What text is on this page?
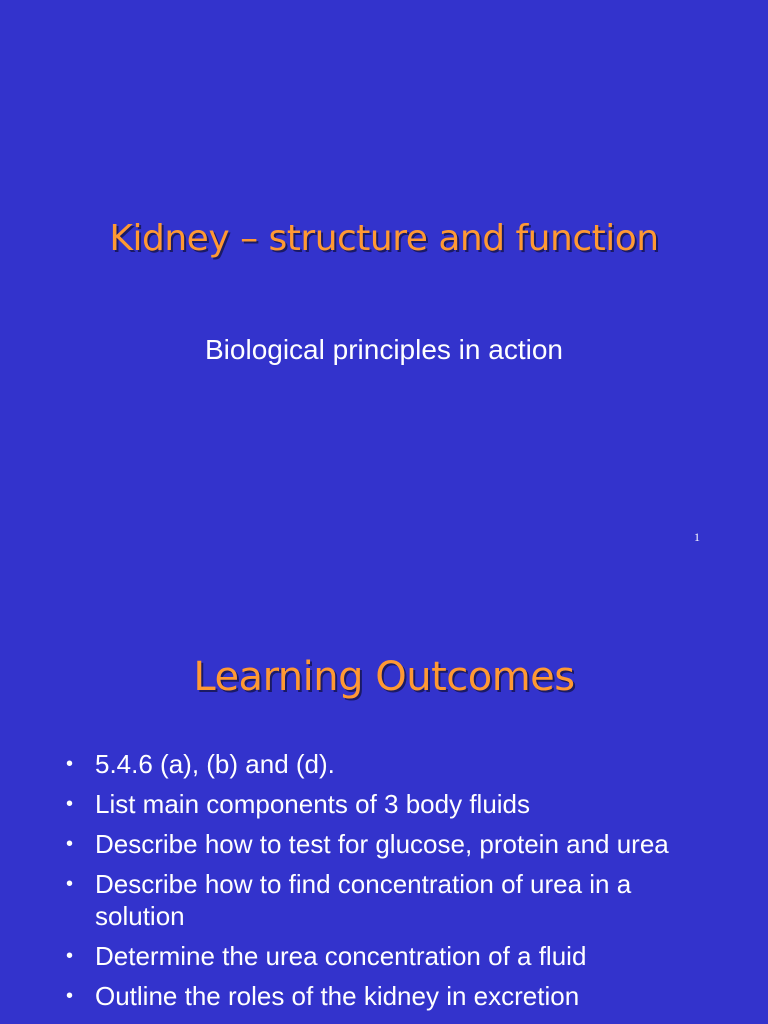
Kidney – structure and function
Biological principles in action
1
Learning Outcomes
• 5.4.6 (a), (b) and (d).
• List main components of 3 body fluids
• Describe how to test for glucose, protein and urea
• Describe how to find concentration of urea in a solution
• Determine the urea concentration of a fluid
• Outline the roles of the kidney in excretion
